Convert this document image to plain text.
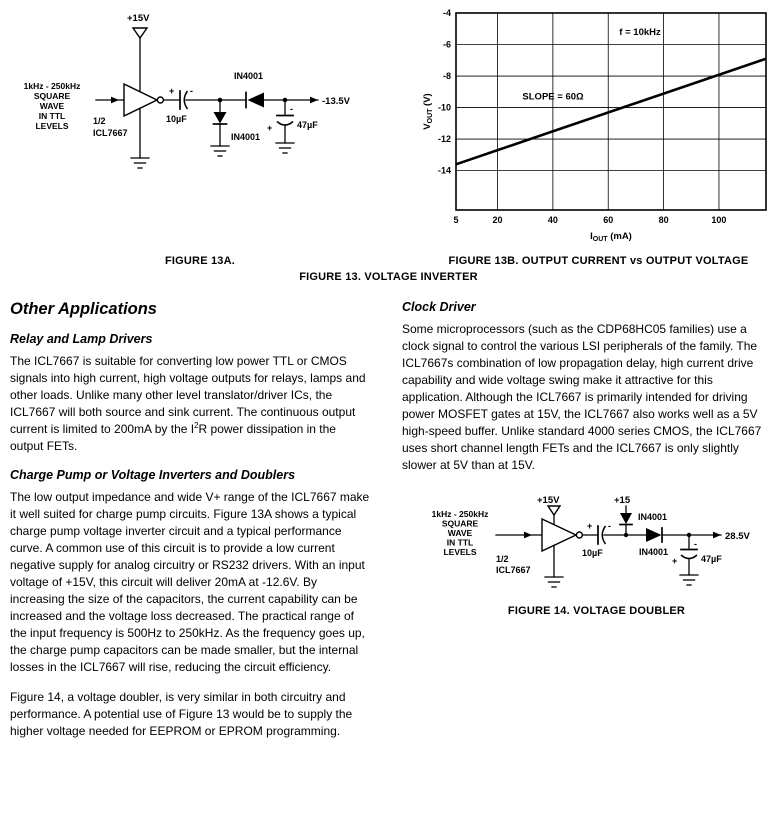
+15V
1kHz - 250kHz
SQUARE
WAVE
IN TTL
LEVELS	1/2
ICL7667
+ -
10µF
IN4001
IN4001
-13.5V
-
+	47µF
-4
-6
-8
-10
-12
-14
5	20	40	60	80	100
f = 10kHz
SLOPE = 60Ω
$I_{OUT}$ (mA)
$V_{OUT}$ (V)
FIGURE 13A.	FIGURE 13B. OUTPUT CURRENT vs OUTPUT VOLTAGE
FIGURE 13. VOLTAGE INVERTER
Other Applications
Relay and Lamp Drivers

The ICL7667 is suitable for converting low power TTL or CMOS signals into high current, high voltage outputs for relays, lamps and other loads. Unlike many other level translator/driver ICs, the ICL7667 will both source and sink current. The continuous output current is limited to 200mA by the $I^2R$ power dissipation in the output FETs.

Charge Pump or Voltage Inverters and Doublers

The low output impedance and wide V+ range of the ICL7667 make it well suited for charge pump circuits. Figure 13A shows a typical charge pump voltage inverter circuit and a typical performance curve. A common use of this circuit is to provide a low current negative supply for analog circuitry or RS232 drivers. With an input voltage of +15V, this circuit will deliver 20mA at -12.6V. By increasing the size of the capacitors, the current capability can be increased and the voltage loss decreased. The practical range of the input frequency is 500Hz to 250kHz. As the frequency goes up, the charge pump capacitors can be made smaller, but the internal losses in the ICL7667 will rise, reducing the circuit efficiency.

Figure 14, a voltage doubler, is very similar in both circuitry and performance. A potential use of Figure 13 would be to supply the higher voltage needed for EEPROM or EPROM programming.

Clock Driver

Some microprocessors (such as the CDP68HC05 families) use a clock signal to control the various LSI peripherals of the family. The ICL7667s combination of low propagation delay, high current drive capability and wide voltage swing make it attractive for this application. Although the ICL7667 is primarily intended for driving power MOSFET gates at 15V, the ICL7667 also works well as a 5V high-speed buffer. Unlike standard 4000 series CMOS, the ICL7667 uses short channel length FETs and the ICL7667 is only slightly slower at 5V than at 15V.

+15V
1kHz - 250kHz
SQUARE
WAVE
IN TTL
LEVELS
1/2
ICL7667
+ -
10µF
+15
IN4001
IN4001
28.5V
-
+	47µF
FIGURE 14. VOLTAGE DOUBLER
